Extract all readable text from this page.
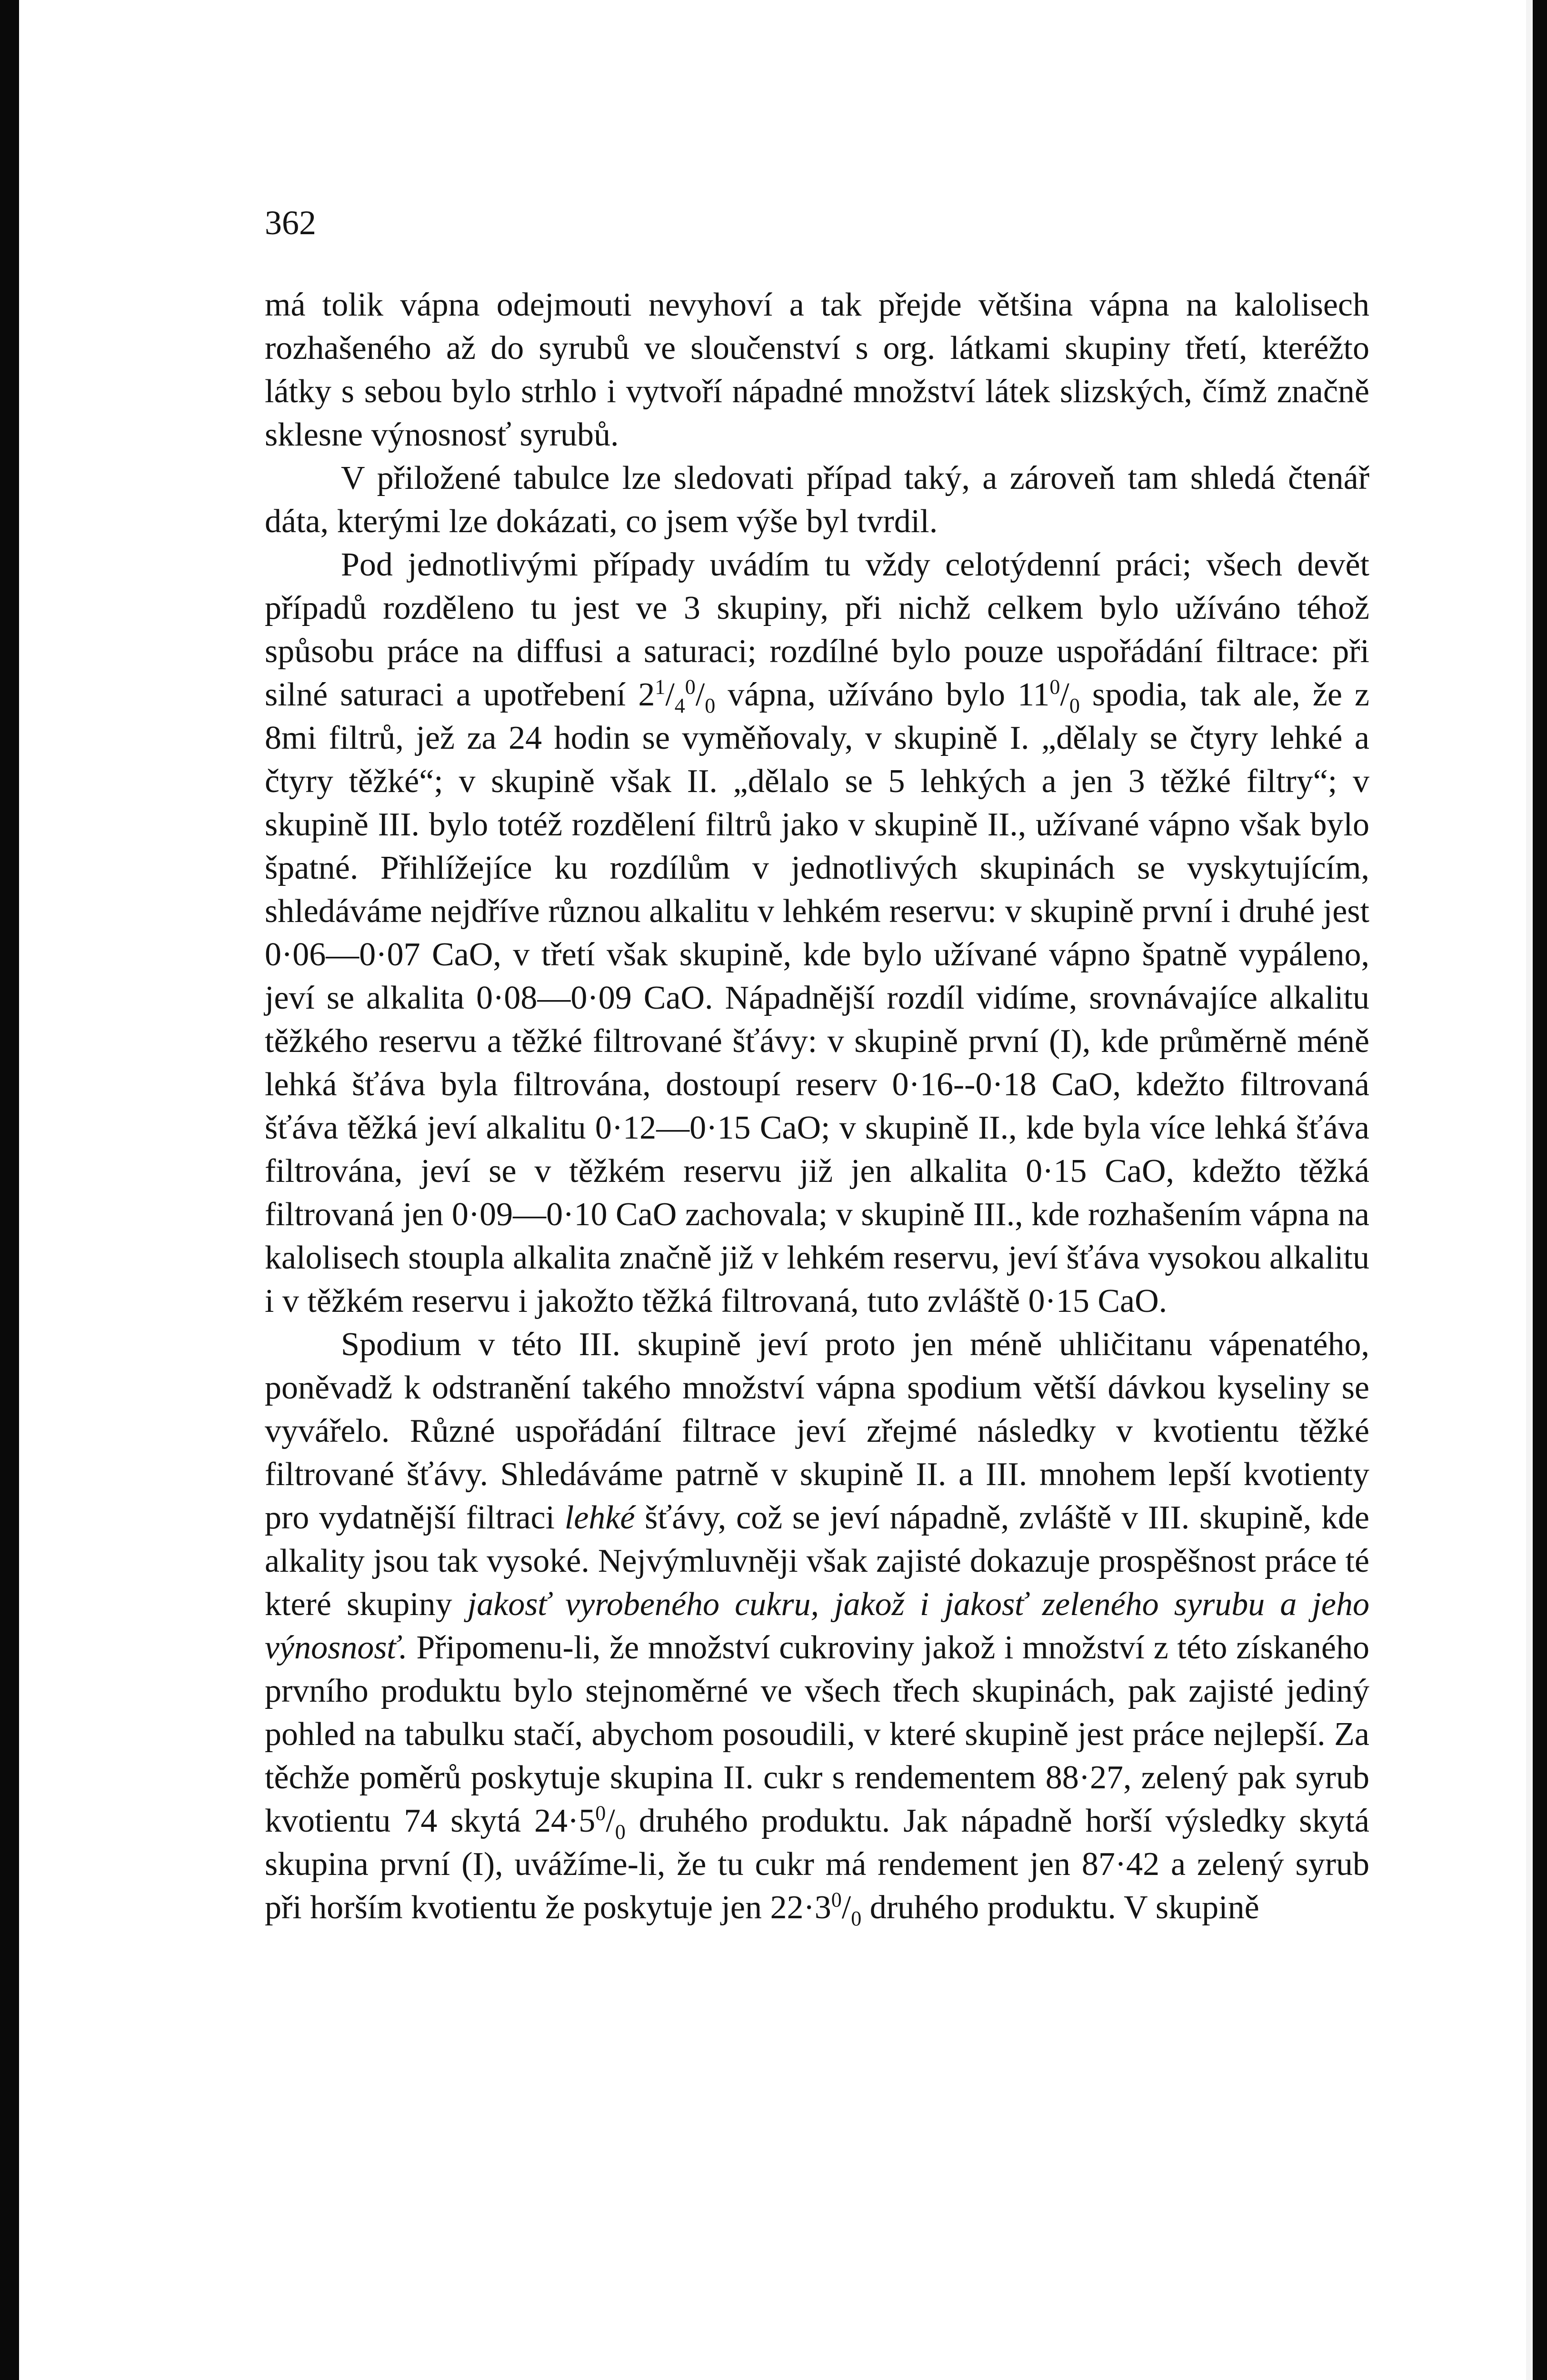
362

má tolik vápna odejmouti nevyhoví a tak přejde většina vápna na kalolisech rozhašeného až do syrubů ve sloučenství s org. látkami skupiny třetí, kteréžto látky s sebou bylo strhlo i vytvoří nápadné množství látek slizských, čímž značně sklesne výnosnosť syrubů.

V přiložené tabulce lze sledovati případ taký, a zároveň tam shledá čtenář dáta, kterými lze dokázati, co jsem výše byl tvrdil.

Pod jednotlivými případy uvádím tu vždy celotýdenní práci; všech devět případů rozděleno tu jest ve 3 skupiny, při nichž celkem bylo užíváno téhož spůsobu práce na diffusi a saturaci; rozdílné bylo pouze uspořádání filtrace: při silné saturaci a upotřebení $2^1/_4^0/_0$ vápna, užíváno bylo $11^0/_0$ spodia, tak ale, že z 8mi filtrů, jež za 24 hodin se vyměňovaly, v skupině I. „dělaly se čtyry lehké a čtyry těžké“; v skupině však II. „dělalo se 5 lehkých a jen 3 těžké filtry“; v skupině III. bylo totéž rozdělení filtrů jako v skupině II., užívané vápno však bylo špatné. Přihlížejíce ku rozdílům v jednotlivých skupinách se vyskytujícím, shledáváme nejdříve různou alkalitu v lehkém reservu: v skupině první i druhé jest 0·06—0·07 CaO, v třetí však skupině, kde bylo užívané vápno špatně vypáleno, jeví se alkalita 0·08—0·09 CaO. Nápadnější rozdíl vidíme, srovnávajíce alkalitu těžkého reservu a těžké filtrované šťávy: v skupině první (I), kde průměrně méně lehká šťáva byla filtrována, dostoupí reserv 0·16--0·18 CaO, kdežto filtrovaná šťáva těžká jeví alkalitu 0·12—0·15 CaO; v skupině II., kde byla více lehká šťáva filtrována, jeví se v těžkém reservu již jen alkalita 0·15 CaO, kdežto těžká filtrovaná jen 0·09—0·10 CaO zachovala; v skupině III., kde rozhašením vápna na kalolisech stoupla alkalita značně již v lehkém reservu, jeví šťáva vysokou alkalitu i v těžkém reservu i jakožto těžká filtrovaná, tuto zvláště 0·15 CaO.

Spodium v této III. skupině jeví proto jen méně uhličitanu vápenatého, poněvadž k odstranění takého množství vápna spodium větší dávkou kyseliny se vyvářelo. Různé uspořádání filtrace jeví zřejmé následky v kvotientu těžké filtrované šťávy. Shledáváme patrně v skupině II. a III. mnohem lepší kvotienty pro vydatnější filtraci lehké šťávy, což se jeví nápadně, zvláště v III. skupině, kde alkality jsou tak vysoké. Nejvýmluvněji však zajisté dokazuje prospěšnost práce té které skupiny jakosť vyrobeného cukru, jakož i jakosť zeleného syrubu a jeho výnosnosť. Připomenu-li, že množství cukroviny jakož i množství z této získaného prvního produktu bylo stejnoměrné ve všech třech skupinách, pak zajisté jediný pohled na tabulku stačí, abychom posoudili, v které skupině jest práce nejlepší. Za těchže poměrů poskytuje skupina II. cukr s rendementem 88·27, zelený pak syrub kvotientu 74 skytá $24\cdot 5^0/_0$ druhého produktu. Jak nápadně horší výsledky skytá skupina první (I), uvážíme-li, že tu cukr má rendement jen 87·42 a zelený syrub při horším kvotientu že poskytuje jen $22\cdot 3^0/_0$ druhého produktu. V skupině
